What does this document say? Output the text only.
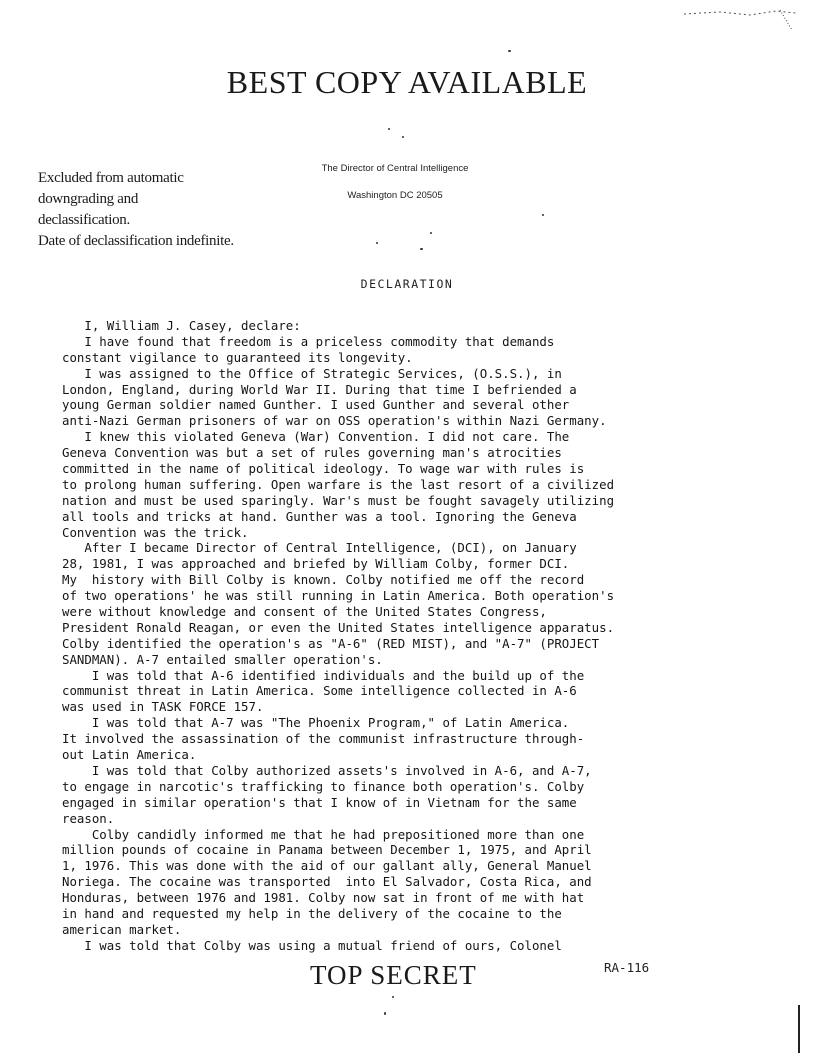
BEST COPY AVAILABLE
Excluded from automatic
downgrading and
declassification.
Date of declassification indefinite.
The Director of Central Intelligence
Washington DC 20505
DECLARATION
I, William J. Casey, declare:
I have found that freedom is a priceless commodity that demands
constant vigilance to guaranteed its longevity.
I was assigned to the Office of Strategic Services, (O.S.S.), in
London, England, during World War II. During that time I befriended a
young German soldier named Gunther. I used Gunther and several other
anti-Nazi German prisoners of war on OSS operation's within Nazi Germany.
I knew this violated Geneva (War) Convention. I did not care. The
Geneva Convention was but a set of rules governing man's atrocities
committed in the name of political ideology. To wage war with rules is
to prolong human suffering. Open warfare is the last resort of a civilized
nation and must be used sparingly. War's must be fought savagely utilizing
all tools and tricks at hand. Gunther was a tool. Ignoring the Geneva
Convention was the trick.
After I became Director of Central Intelligence, (DCI), on January
28, 1981, I was approached and briefed by William Colby, former DCI.
My  history with Bill Colby is known. Colby notified me off the record
of two operations' he was still running in Latin America. Both operation's
were without knowledge and consent of the United States Congress,
President Ronald Reagan, or even the United States intelligence apparatus.
Colby identified the operation's as "A-6" (RED MIST), and "A-7" (PROJECT
SANDMAN). A-7 entailed smaller operation's.
I was told that A-6 identified individuals and the build up of the
communist threat in Latin America. Some intelligence collected in A-6
was used in TASK FORCE 157.
I was told that A-7 was "The Phoenix Program," of Latin America.
It involved the assassination of the communist infrastructure through-
out Latin America.
I was told that Colby authorized assets's involved in A-6, and A-7,
to engage in narcotic's trafficking to finance both operation's. Colby
engaged in similar operation's that I know of in Vietnam for the same
reason.
Colby candidly informed me that he had prepositioned more than one
million pounds of cocaine in Panama between December 1, 1975, and April
1, 1976. This was done with the aid of our gallant ally, General Manuel
Noriega. The cocaine was transported  into El Salvador, Costa Rica, and
Honduras, between 1976 and 1981. Colby now sat in front of me with hat
in hand and requested my help in the delivery of the cocaine to the
american market.
I was told that Colby was using a mutual friend of ours, Colonel
TOP SECRET	RA-116
